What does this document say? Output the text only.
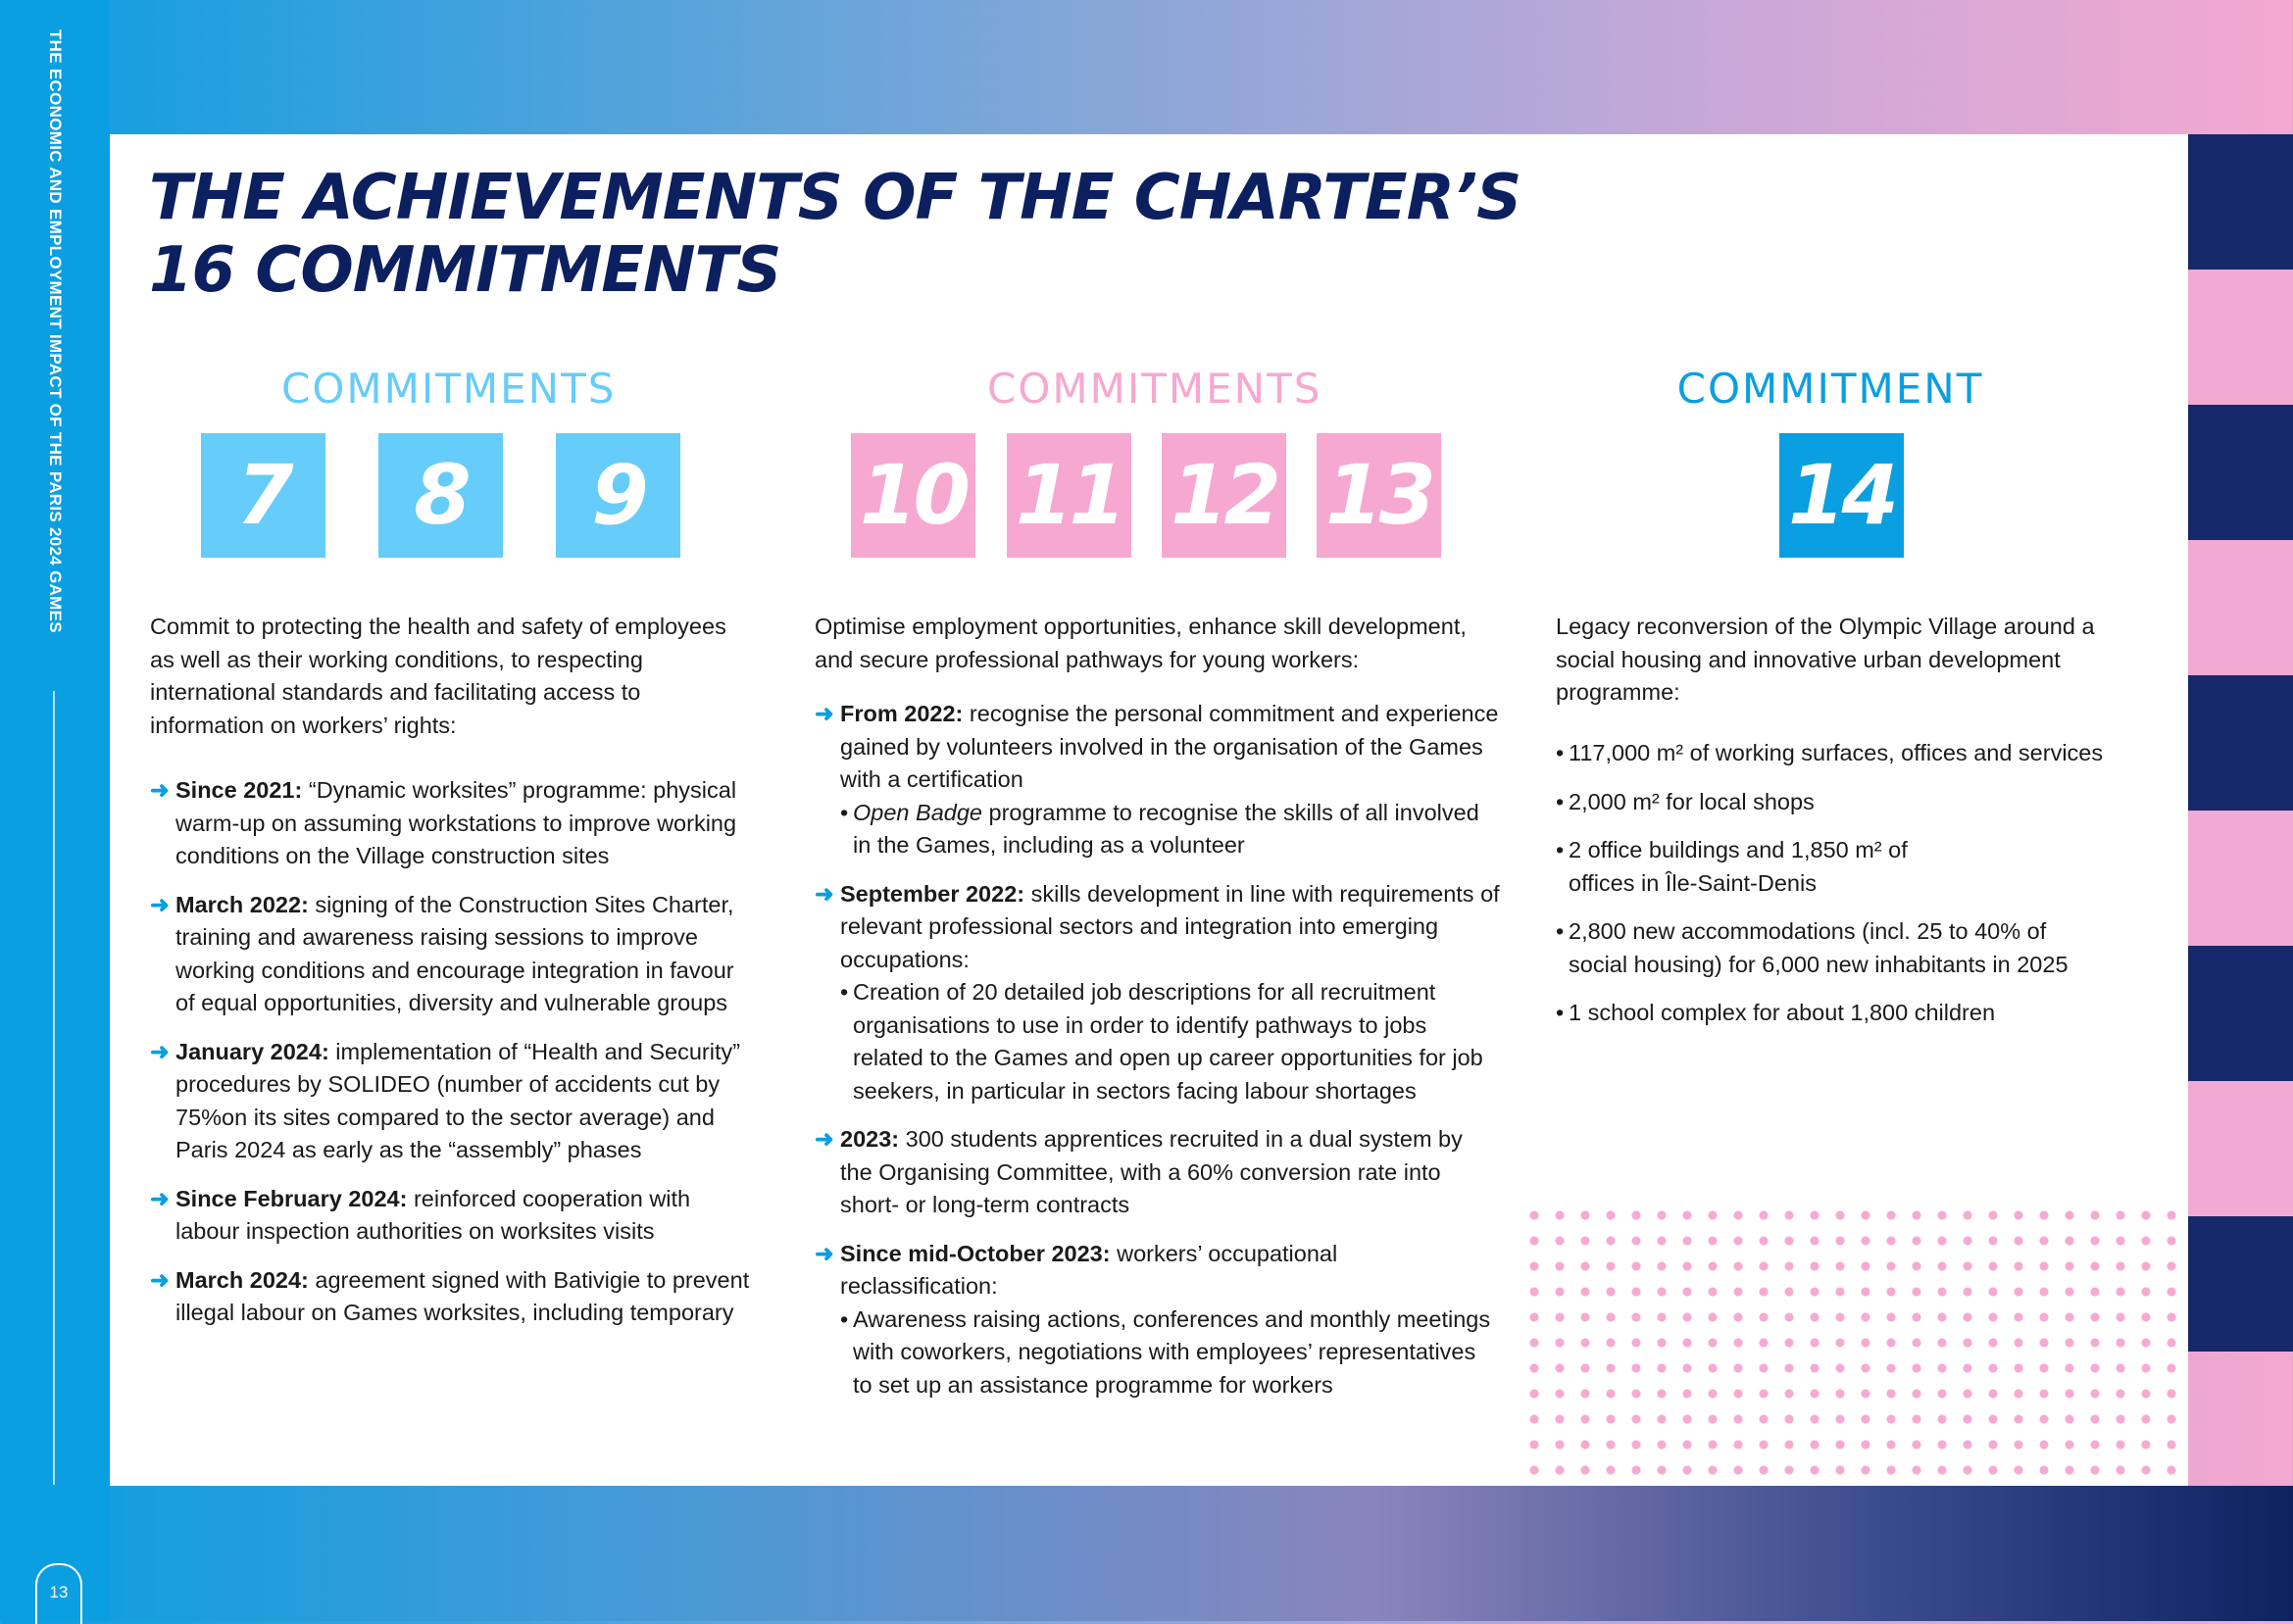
THE ECONOMIC AND EMPLOYMENT IMPACT OF THE PARIS 2024 GAMES
13
THE ACHIEVEMENTS OF THE CHARTER’S
16 COMMITMENTS
COMMITMENTS
7	8	9

Commit to protecting the health and safety of employees as well as their working conditions, to respecting international standards and facilitating access to information on workers’ rights:

➜ Since 2021: “Dynamic worksites” programme: physical warm-up on assuming workstations to improve working conditions on the Village construction sites
➜ March 2022: signing of the Construction Sites Charter, training and awareness raising sessions to improve working conditions and encourage integration in favour of equal opportunities, diversity and vulnerable groups
➜ January 2024: implementation of “Health and Security” procedures by SOLIDEO (number of accidents cut by 75%on its sites compared to the sector average) and Paris 2024 as early as the “assembly” phases
➜ Since February 2024: reinforced cooperation with labour inspection authorities on worksites visits
➜ March 2024: agreement signed with Bativigie to prevent illegal labour on Games worksites, including temporary
COMMITMENTS
10 11 12 13

Optimise employment opportunities, enhance skill development, and secure professional pathways for young workers:

➜ From 2022: recognise the personal commitment and experience gained by volunteers involved in the organisation of the Games with a certification
• Open Badge programme to recognise the skills of all involved in the Games, including as a volunteer
➜ September 2022: skills development in line with requirements of relevant professional sectors and integration into emerging occupations:
• Creation of 20 detailed job descriptions for all recruitment organisations to use in order to identify pathways to jobs related to the Games and open up career opportunities for job seekers, in particular in sectors facing labour shortages
➜ 2023: 300 students apprentices recruited in a dual system by the Organising Committee, with a 60% conversion rate into short- or long-term contracts
➜ Since mid-October 2023: workers’ occupational reclassification:
• Awareness raising actions, conferences and monthly meetings with coworkers, negotiations with employees’ representatives to set up an assistance programme for workers
COMMITMENT
14

Legacy reconversion of the Olympic Village around a social housing and innovative urban development programme:

• 117,000 m² of working surfaces, offices and services
• 2,000 m² for local shops
• 2 office buildings and 1,850 m² of offices in Île-Saint-Denis
• 2,800 new accommodations (incl. 25 to 40% of social housing) for 6,000 new inhabitants in 2025
• 1 school complex for about 1,800 children
